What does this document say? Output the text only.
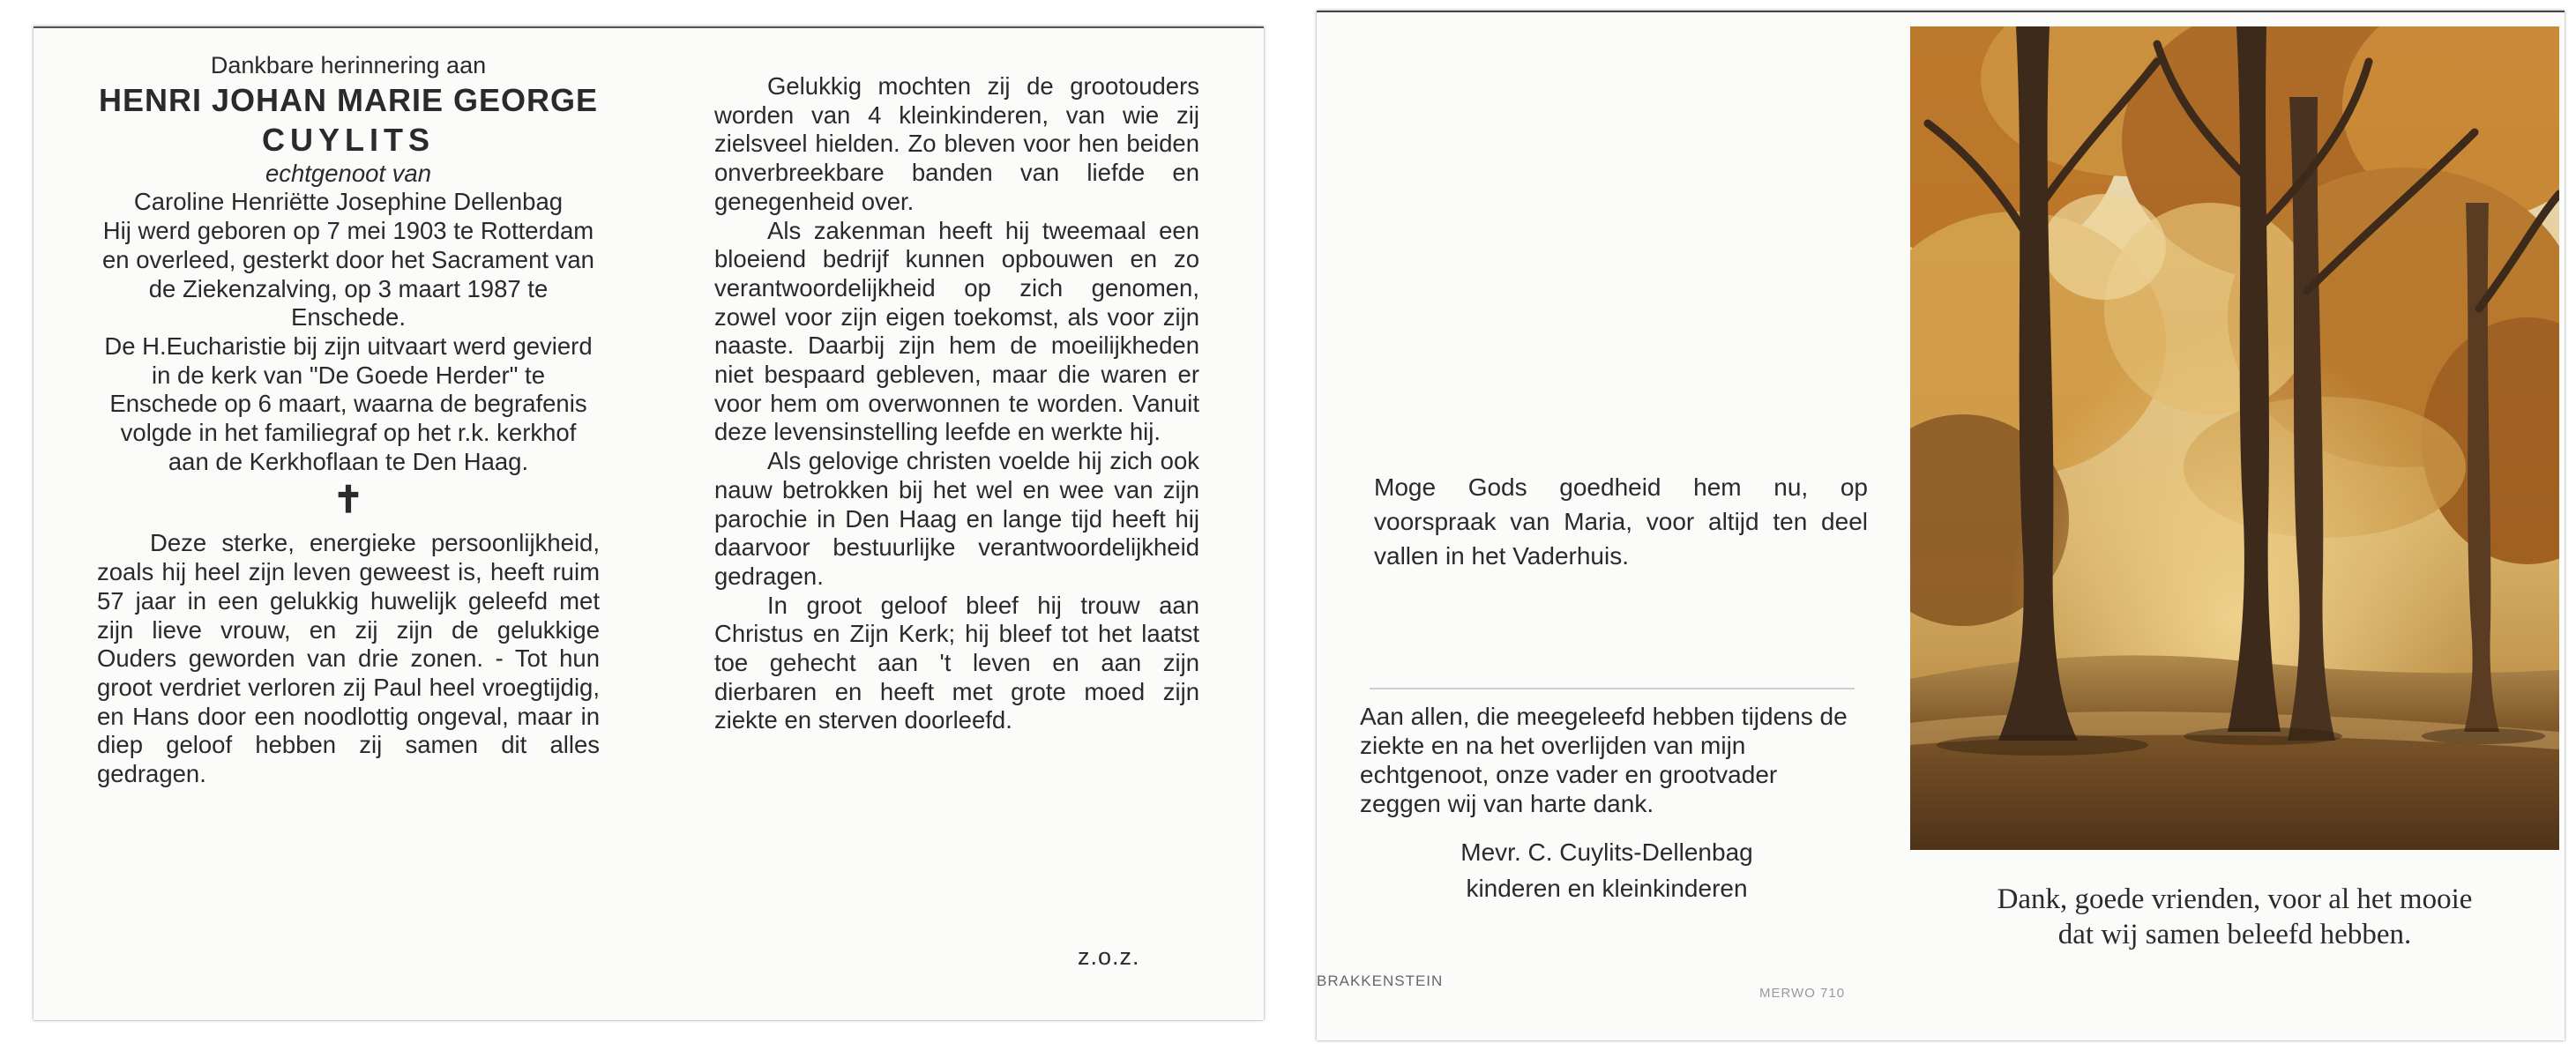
Dankbare herinnering aan

HENRI JOHAN MARIE GEORGE

CUYLITS

echtgenoot van

Caroline Henriëtte Josephine Dellenbag

Hij werd geboren op 7 mei 1903 te Rotterdam en overleed, gesterkt door het Sacrament van de Ziekenzalving, op 3 maart 1987 te Enschede.

De H.Eucharistie bij zijn uitvaart werd gevierd in de kerk van "De Goede Herder" te Enschede op 6 maart, waarna de begrafenis volgde in het familiegraf op het r.k. kerkhof aan de Kerkhoflaan te Den Haag.

✝

Deze sterke, energieke persoonlijkheid, zoals hij heel zijn leven geweest is, heeft ruim 57 jaar in een gelukkig huwelijk geleefd met zijn lieve vrouw, en zij zijn de gelukkige Ouders geworden van drie zonen. - Tot hun groot verdriet verloren zij Paul heel vroegtijdig, en Hans door een noodlottig ongeval, maar in diep geloof hebben zij samen dit alles gedragen.

Gelukkig mochten zij de grootouders worden van 4 kleinkinderen, van wie zij zielsveel hielden. Zo bleven voor hen beiden onverbreekbare banden van liefde en genegenheid over.

Als zakenman heeft hij tweemaal een bloeiend bedrijf kunnen opbouwen en zo verantwoordelijkheid op zich genomen, zowel voor zijn eigen toekomst, als voor zijn naaste. Daarbij zijn hem de moeilijkheden niet bespaard gebleven, maar die waren er voor hem om overwonnen te worden. Vanuit deze levensinstelling leefde en werkte hij.

Als gelovige christen voelde hij zich ook nauw betrokken bij het wel en wee van zijn parochie in Den Haag en lange tijd heeft hij daarvoor bestuurlijke verantwoordelijkheid gedragen.

In groot geloof bleef hij trouw aan Christus en Zijn Kerk; hij bleef tot het laatst toe gehecht aan 't leven en aan zijn dierbaren en heeft met grote moed zijn ziekte en sterven doorleefd.

z.o.z.

Moge Gods goedheid hem nu, op voorspraak van Maria, voor altijd ten deel vallen in het Vaderhuis.

Aan allen, die meegeleefd hebben tijdens de ziekte en na het overlijden van mijn echtgenoot, onze vader en grootvader zeggen wij van harte dank.

Mevr. C. Cuylits-Dellenbag

kinderen en kleinkinderen

BRAKKENSTEIN
MERWO 710
Dank, goede vrienden, voor al het mooie
dat wij samen beleefd hebben.
